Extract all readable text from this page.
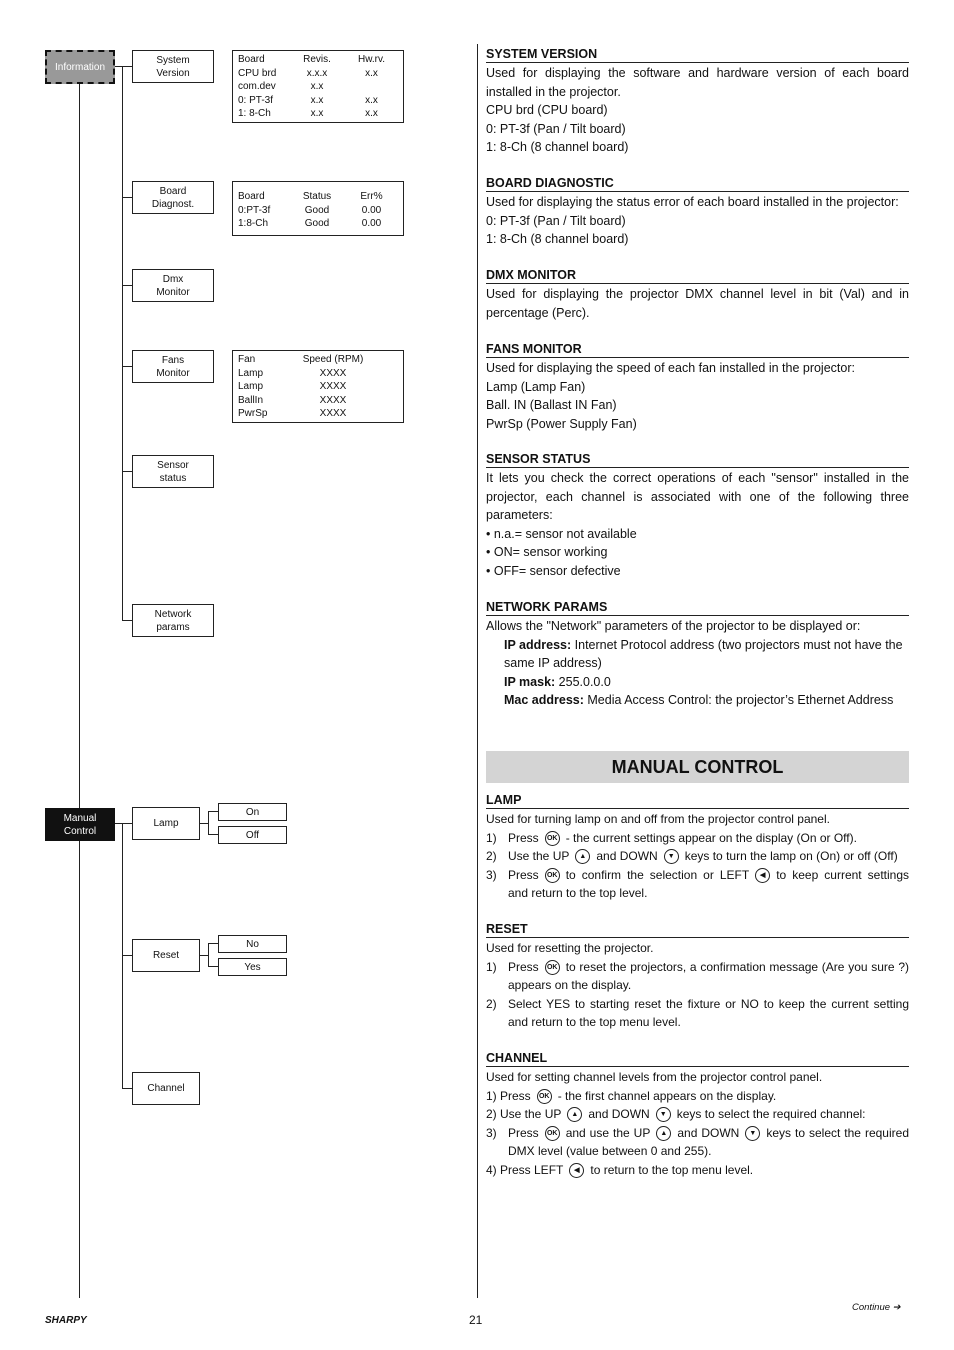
Information
Manual
Control
System
Version
Board
Diagnost.
Dmx
Monitor
Fans
Monitor
Sensor
status
Network
params
Lamp
Reset
Channel
On
Off
No
Yes
Board	Revis.	Hw.rv.
CPU brd	x.x.x	x.x
com.dev	x.x	
0: PT-3f	x.x	x.x
1: 8-Ch	x.x	x.x
Board	Status	Err%
0:PT-3f	Good	0.00
1:8-Ch	Good	0.00
Fan	Speed (RPM)
Lamp	XXXX
Lamp	XXXX
BallIn	XXXX
PwrSp	XXXX
SYSTEM VERSION
Used for displaying the software and hardware version of each board installed in the projector.
CPU brd (CPU board)
0: PT-3f (Pan / Tilt board)
1: 8-Ch (8 channel board)
BOARD DIAGNOSTIC
Used for displaying the status error of each board installed in the projector:
0: PT-3f (Pan / Tilt board)
1: 8-Ch (8 channel board)
DMX MONITOR
Used for displaying the projector DMX channel level in bit (Val) and in percentage (Perc).
FANS MONITOR
Used for displaying the speed of each fan installed in the projector:
Lamp (Lamp Fan)
Ball. IN (Ballast IN Fan)
PwrSp (Power Supply Fan)
SENSOR STATUS
It lets you check the correct operations of each "sensor" installed in the projector, each channel is associated with one of the following three parameters:
• n.a.= sensor not available
• ON= sensor working
• OFF= sensor defective
NETWORK PARAMS
Allows the "Network" parameters of the projector to be displayed or:
IP address: Internet Protocol address (two projectors must not have the same IP address)
IP mask: 255.0.0.0
Mac address: Media Access Control: the projector’s Ethernet Address
MANUAL CONTROL
LAMP
Used for turning lamp on and off from the projector control panel.
1) Press OK - the current settings appear on the display (On or Off).
2) Use the UP ▲ and DOWN ▼ keys to turn the lamp on (On) or off (Off)
3) Press OK to confirm the selection or LEFT ◀ to keep current settings and return to the top level.
RESET
Used for resetting the projector.
1) Press OK to reset the projectors, a confirmation message (Are you sure ?) appears on the display.
2) Select YES to starting reset the fixture or NO to keep the current setting and return to the top menu level.
CHANNEL
Used for setting channel levels from the projector control panel.
1) Press OK - the first channel appears on the display.
2) Use the UP ▲ and DOWN ▼ keys to select the required channel:
3) Press OK and use the UP ▲ and DOWN ▼ keys to select the required DMX level (value between 0 and 255).
4) Press LEFT ◀ to return to the top menu level.
SHARPY	21
Continue ➔
